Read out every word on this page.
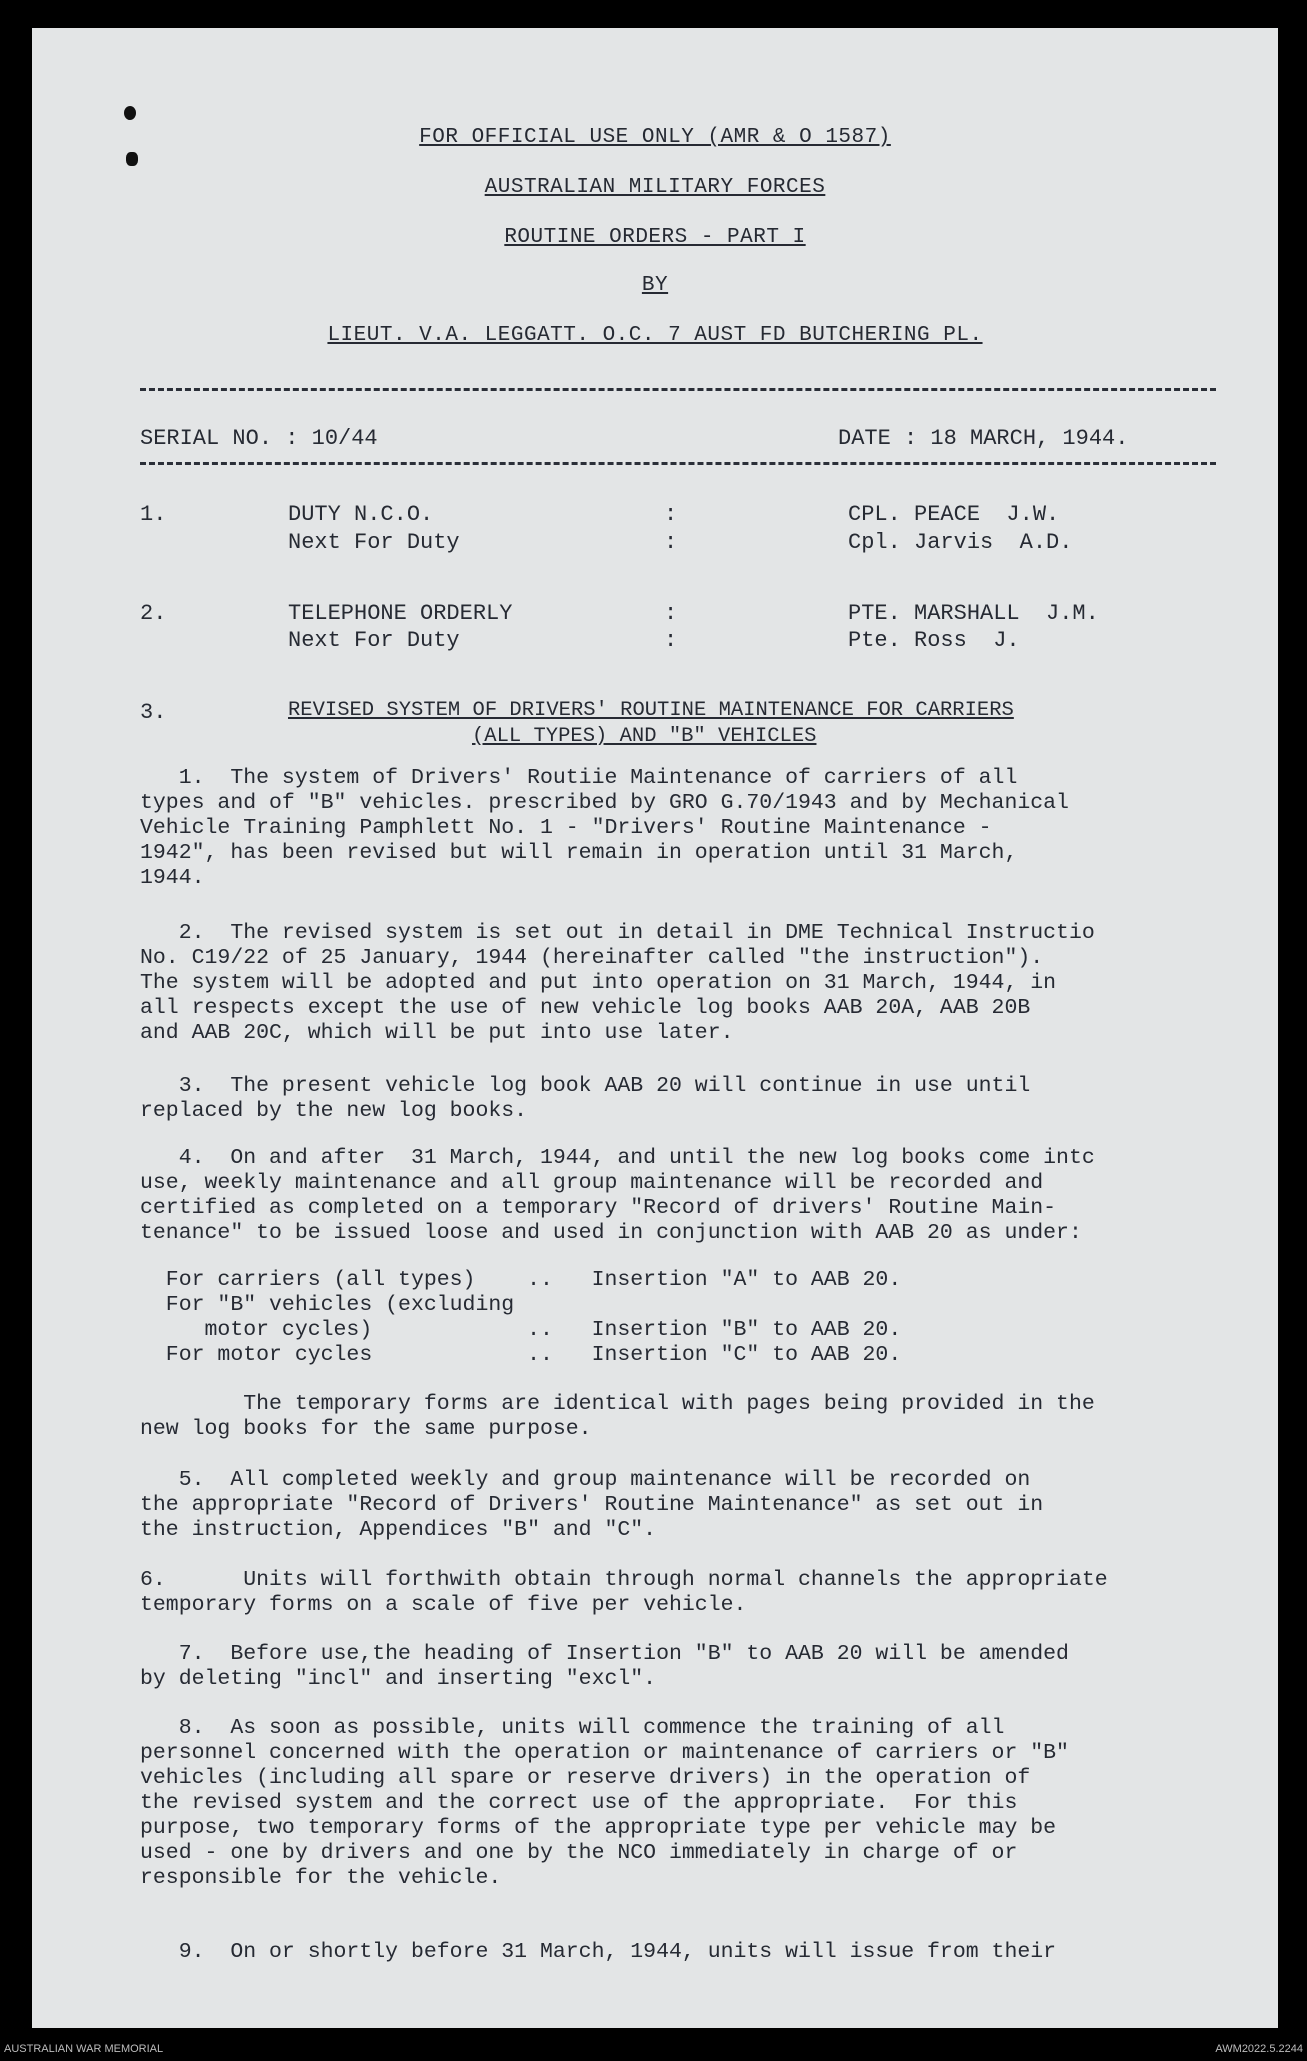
FOR OFFICIAL USE ONLY (AMR & O 1587)
AUSTRALIAN MILITARY FORCES
ROUTINE ORDERS - PART I
BY
LIEUT. V.A. LEGGATT. O.C. 7 AUST FD BUTCHERING PL.
SERIAL NO. : 10/44	DATE : 18 MARCH, 1944.
1.	DUTY N.C.O.	:	CPL. PEACE  J.W.
Next For Duty	:	Cpl. Jarvis  A.D.
2.	TELEPHONE ORDERLY	:	PTE. MARSHALL  J.M.
Next For Duty	:	Pte. Ross  J.
3.	REVISED SYSTEM OF DRIVERS' ROUTINE MAINTENANCE FOR CARRIERS
(ALL TYPES) AND "B" VEHICLES
1.  The system of Drivers' Routiie Maintenance of carriers of all
types and of "B" vehicles. prescribed by GRO G.70/1943 and by Mechanical
Vehicle Training Pamphlett No. 1 - "Drivers' Routine Maintenance -
1942", has been revised but will remain in operation until 31 March,
1944.
2.  The revised system is set out in detail in DME Technical Instructio
No. C19/22 of 25 January, 1944 (hereinafter called "the instruction").
The system will be adopted and put into operation on 31 March, 1944, in
all respects except the use of new vehicle log books AAB 20A, AAB 20B
and AAB 20C, which will be put into use later.
3.  The present vehicle log book AAB 20 will continue in use until
replaced by the new log books.
4.  On and after  31 March, 1944, and until the new log books come intc
use, weekly maintenance and all group maintenance will be recorded and
certified as completed on a temporary "Record of drivers' Routine Main-
tenance" to be issued loose and used in conjunction with AAB 20 as under:
For carriers (all types)    ..   Insertion "A" to AAB 20.
For "B" vehicles (excluding
motor cycles)            ..   Insertion "B" to AAB 20.
For motor cycles            ..   Insertion "C" to AAB 20.
The temporary forms are identical with pages being provided in the
new log books for the same purpose.
5.  All completed weekly and group maintenance will be recorded on
the appropriate "Record of Drivers' Routine Maintenance" as set out in
the instruction, Appendices "B" and "C".
6.      Units will forthwith obtain through normal channels the appropriate
temporary forms on a scale of five per vehicle.
7.  Before use,the heading of Insertion "B" to AAB 20 will be amended
by deleting "incl" and inserting "excl".
8.  As soon as possible, units will commence the training of all
personnel concerned with the operation or maintenance of carriers or "B"
vehicles (including all spare or reserve drivers) in the operation of
the revised system and the correct use of the appropriate.  For this
purpose, two temporary forms of the appropriate type per vehicle may be
used - one by drivers and one by the NCO immediately in charge of or
responsible for the vehicle.
9.  On or shortly before 31 March, 1944, units will issue from their
AUSTRALIAN WAR MEMORIAL	AWM2022.5.2244
